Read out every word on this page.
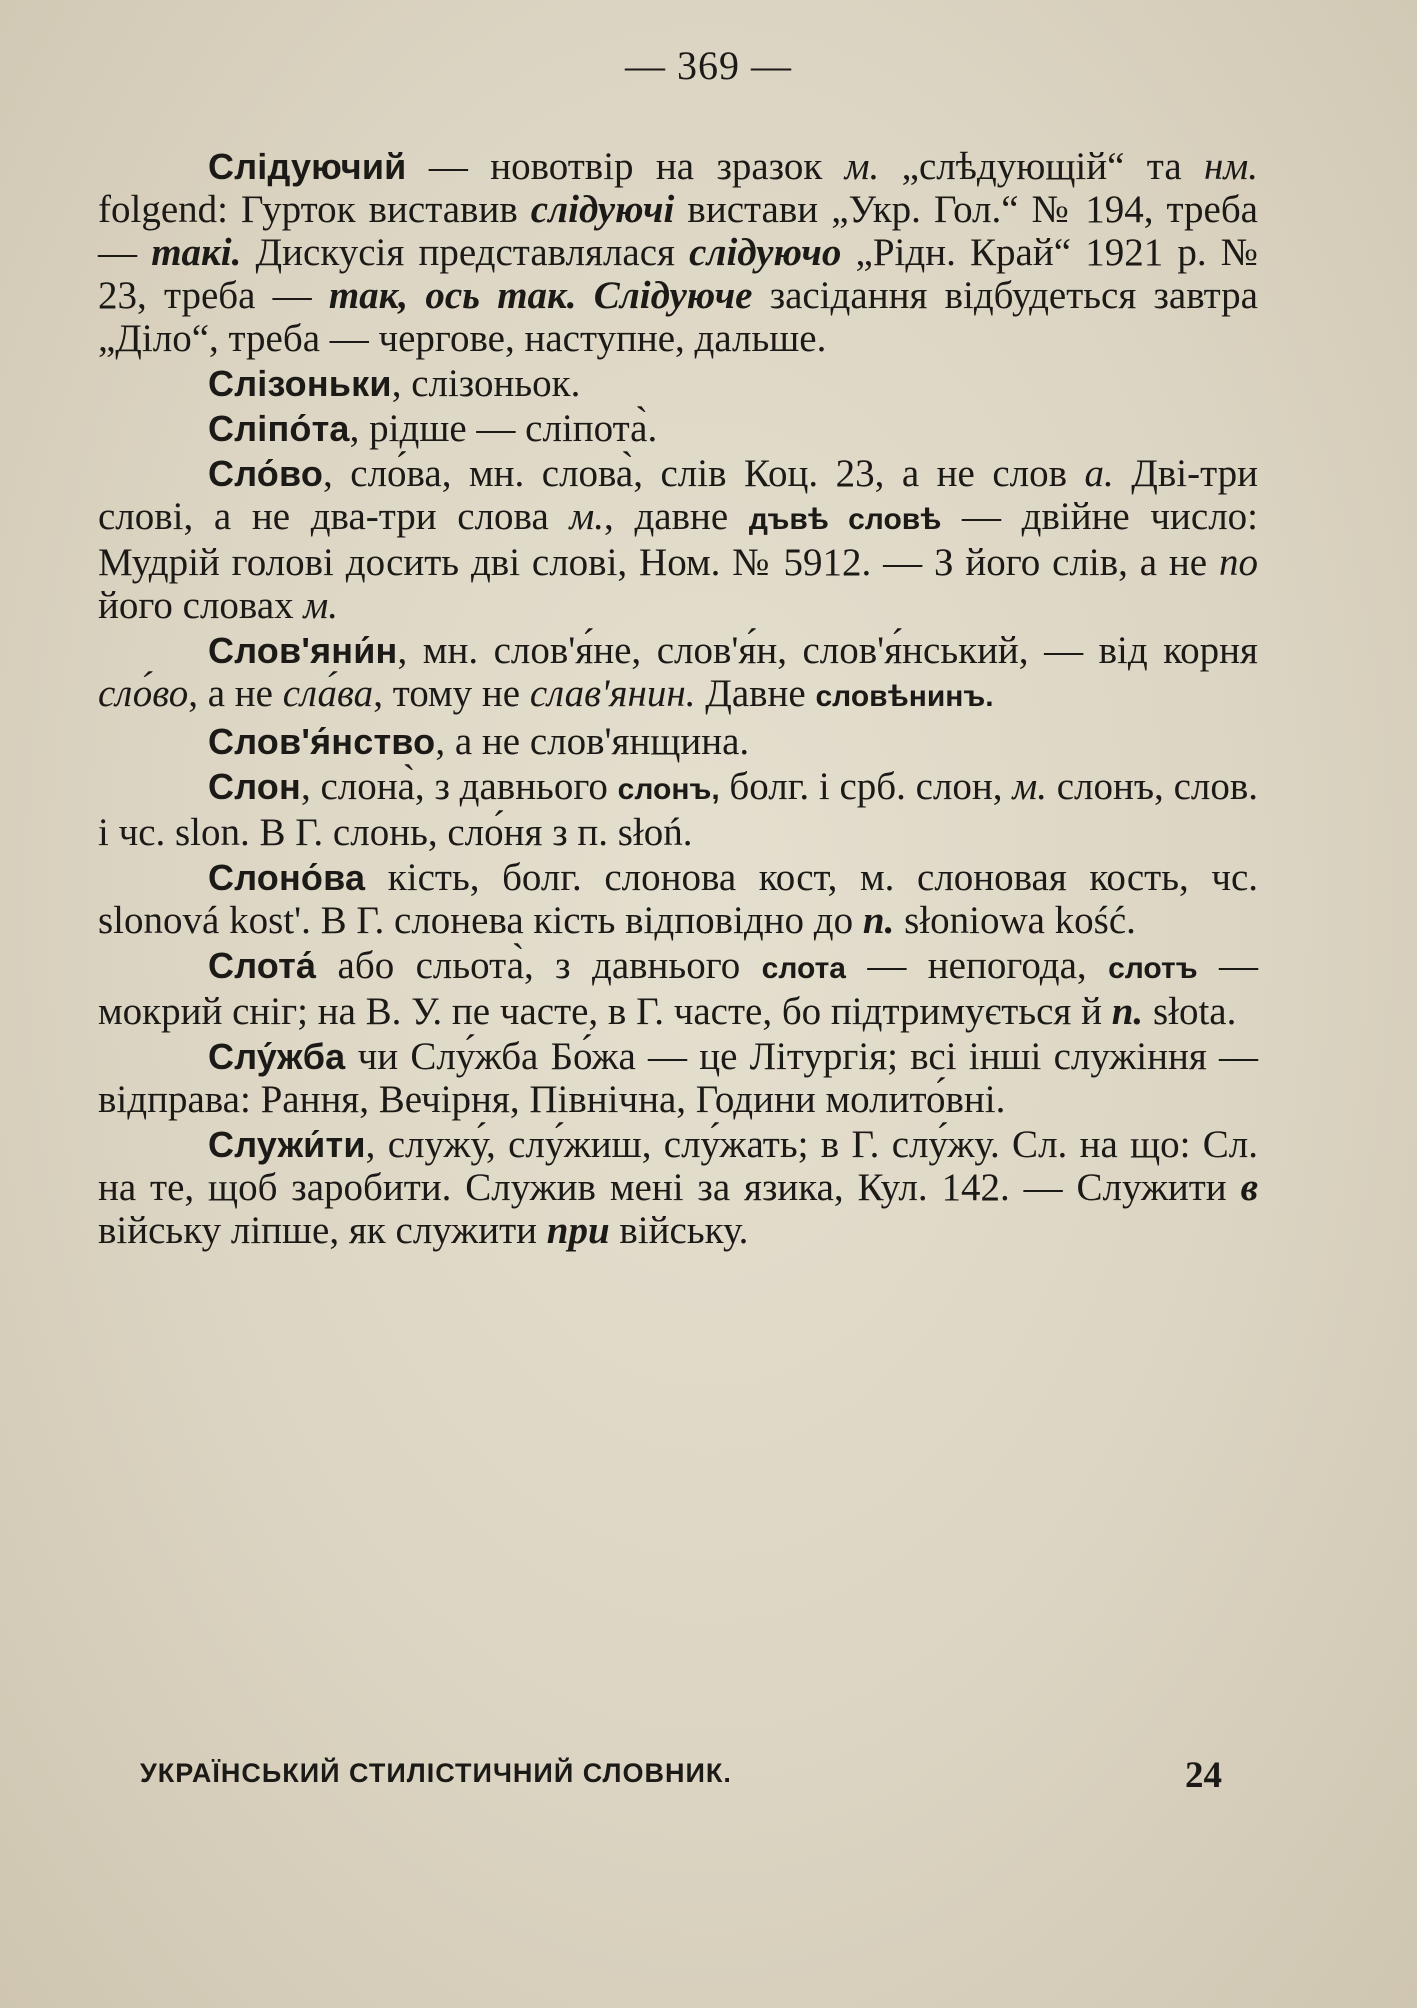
— 369 —

Слідуючий — новотвір на зразок м. „слѣдующій“ та нм. folgend: Гурток виставив слідуючі вистави „Укр. Гол.“ № 194, треба — такі. Дискусія представлялася слідуючо „Рідн. Край“ 1921 р. № 23, треба — так, ось так. Слідуюче засідання відбудеться завтра „Діло“, треба — чергове, наступне, дальше.

Слізоньки, слізоньок.

Сліпо́та, рідше — сліпота̀.

Сло́во, сло́ва, мн. слова̀, слів Коц. 23, а не слов а. Дві-три слові, а не два-три слова м., давне дъвѣ словѣ — двійне число: Мудрій голові досить дві слові, Ном. № 5912. — З його слів, а не по його словах м.

Слов'яни́н, мн. слов'я́не, слов'я́н, слов'я́нський, — від корня сло́во, а не сла́ва, тому не слав'янин. Давне словѣнинъ.

Слов'я́нство, а не слов'янщина.

Слон, слона̀, з давнього слонъ, болг. і срб. слон, м. слонъ, слов. і чс. slon. В Г. слонь, сло́ня з п. słoń.

Слоно́ва кість, болг. слонова кост, м. слоновая кость, чс. slonová kost'. В Г. слонева кість відповідно до п. słoniowa kość.

Слота́ або сльота̀, з давнього слота — непогода, слотъ — мокрий сніг; на В. У. пе часте, в Г. часте, бо підтримується й п. słota.

Слу́жба чи Слу́жба Бо́жа — це Літургія; всі інші служіння — відправа: Рання, Вечірня, Північна, Години молито́вні.

Служи́ти, служу́, слу́жиш, слу́жать; в Г. слу́жу. Сл. на що: Сл. на те, щоб заробити. Служив мені за язика, Кул. 142. — Служити в війську ліпше, як служити при війську.

УКРАЇНСЬКИЙ СТИЛІСТИЧНИЙ СЛОВНИК.	24
